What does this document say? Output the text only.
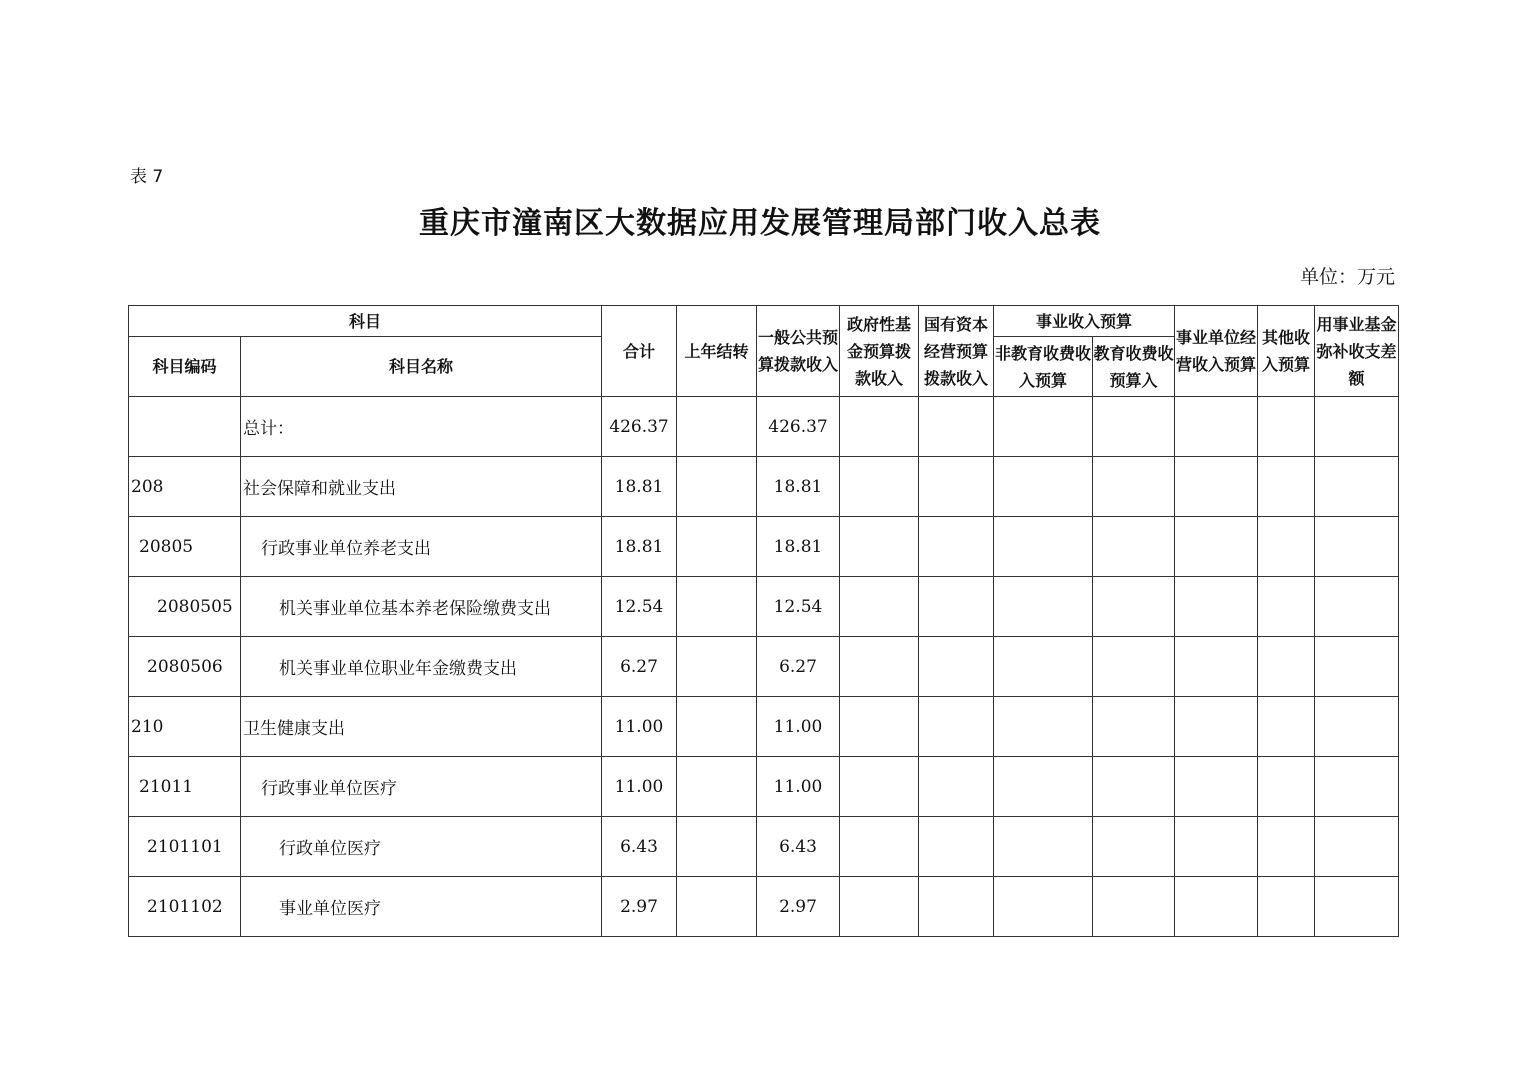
表 7
重庆市潼南区大数据应用发展管理局部门收入总表
单位：万元
科目		合计	上年结转	一般公共预算拨款收入	政府性基金预算拨款收入	国有资本经营预算拨款收入	事业收入预算		事业单位经营收入预算	其他收入预算	用事业基金弥补收支差额
科目编码	科目名称						非教育收费收入预算	教育收费收预算入			
	总计：	426.37		426.37							
208	社会保障和就业支出	18.81		18.81							
20805	行政事业单位养老支出	18.81		18.81							
2080505	机关事业单位基本养老保险缴费支出	12.54		12.54							
2080506	机关事业单位职业年金缴费支出	6.27		6.27							
210	卫生健康支出	11.00		11.00							
21011	行政事业单位医疗	11.00		11.00							
2101101	行政单位医疗	6.43		6.43							
2101102	事业单位医疗	2.97		2.97							
